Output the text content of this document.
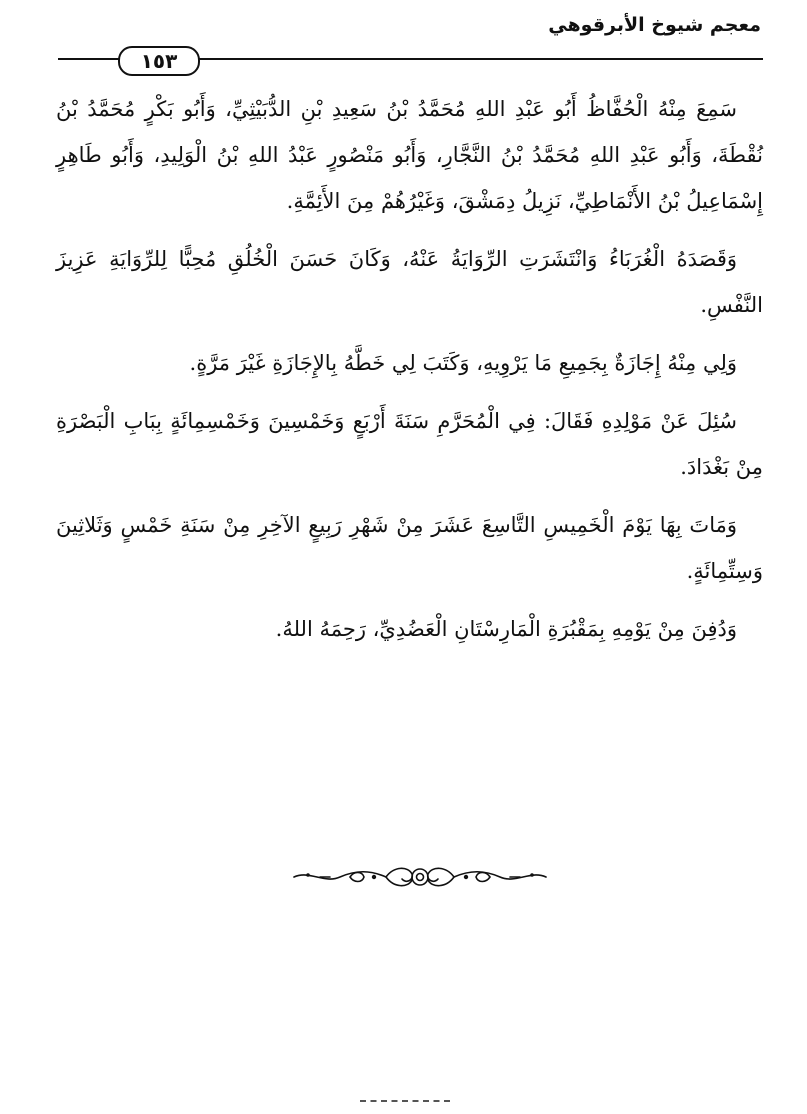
معجم شيوخ الأبرقوهي
١٥٣

سَمِعَ مِنْهُ الْحُفَّاظُ أَبُو عَبْدِ اللهِ مُحَمَّدُ بْنُ سَعِيدِ بْنِ الدُّبَيْثِيِّ، وَأَبُو بَكْرٍ مُحَمَّدُ بْنُ نُقْطَةَ، وَأَبُو عَبْدِ اللهِ مُحَمَّدُ بْنُ النَّجَّارِ، وَأَبُو مَنْصُورٍ عَبْدُ اللهِ بْنُ الْوَلِيدِ، وَأَبُو طَاهِرٍ إِسْمَاعِيلُ بْنُ الأَنْمَاطِيِّ، نَزِيلُ دِمَشْقَ، وَغَيْرُهُمْ مِنَ الأَئِمَّةِ.

وَقَصَدَهُ الْغُرَبَاءُ وَانْتَشَرَتِ الرِّوَايَةُ عَنْهُ، وَكَانَ حَسَنَ الْخُلُقِ مُحِبًّا لِلرِّوَايَةِ عَزِيزَ النَّفْسِ.

وَلِي مِنْهُ إِجَازَةٌ بِجَمِيعِ مَا يَرْوِيهِ، وَكَتَبَ لِي خَطَّهُ بِالإِجَازَةِ غَيْرَ مَرَّةٍ.

سُئِلَ عَنْ مَوْلِدِهِ فَقَالَ: فِي الْمُحَرَّمِ سَنَةَ أَرْبَعٍ وَخَمْسِينَ وَخَمْسِمِائَةٍ بِبَابِ الْبَصْرَةِ مِنْ بَغْدَادَ.

وَمَاتَ بِهَا يَوْمَ الْخَمِيسِ التَّاسِعَ عَشَرَ مِنْ شَهْرِ رَبِيعٍ الآخِرِ مِنْ سَنَةِ خَمْسٍ وَثَلاثِينَ وَسِتِّمِائَةٍ.

وَدُفِنَ مِنْ يَوْمِهِ بِمَقْبُرَةِ الْمَارِسْتَانِ الْعَضُدِيِّ، رَحِمَهُ اللهُ.
